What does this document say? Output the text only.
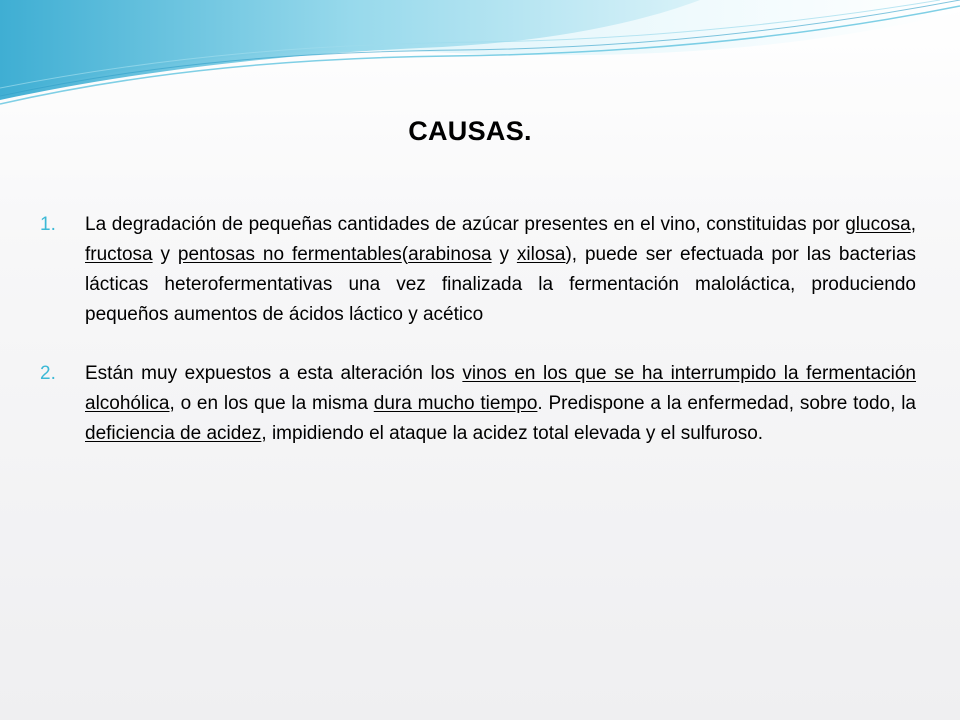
CAUSAS.
1. La degradación de pequeñas cantidades de azúcar presentes en el vino, constituidas por glucosa, fructosa y pentosas no fermentables(arabinosa y xilosa), puede ser efectuada por las bacterias lácticas heterofermentativas una vez finalizada la fermentación maloláctica, produciendo pequeños aumentos de ácidos láctico y acético
2. Están muy expuestos a esta alteración los vinos en los que se ha interrumpido la fermentación alcohólica, o en los que la misma dura mucho tiempo. Predispone a la enfermedad, sobre todo, la deficiencia de acidez, impidiendo el ataque la acidez total elevada y el sulfuroso.
